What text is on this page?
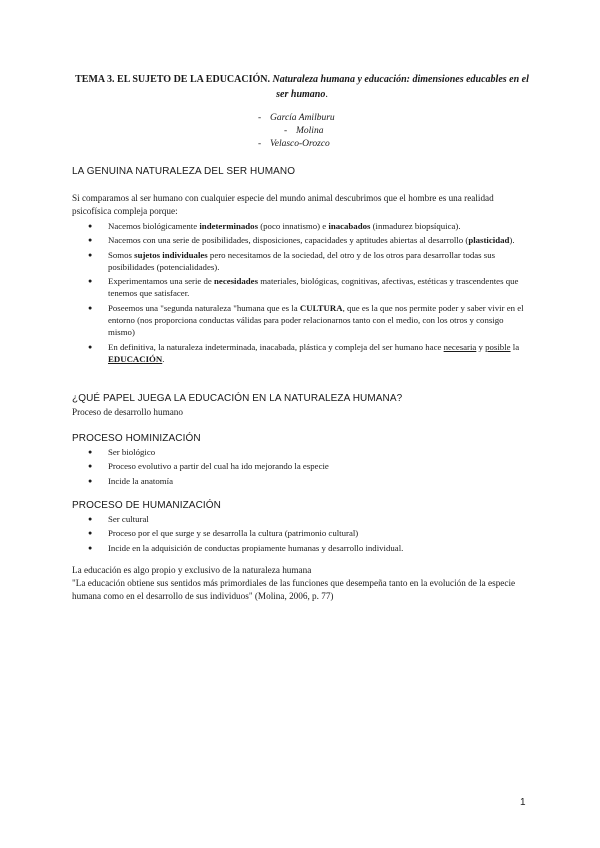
TEMA 3. EL SUJETO DE LA EDUCACIÓN. Naturaleza humana y educación: dimensiones educables en el ser humano.
- García Amilburu
- Molina
- Velasco-Orozco
LA GENUINA NATURALEZA DEL SER HUMANO
Si comparamos al ser humano con cualquier especie del mundo animal descubrimos que el hombre es una realidad psicofísica compleja porque:
● Nacemos biológicamente indeterminados (poco innatismo) e inacabados (inmadurez biopsíquica).
● Nacemos con una serie de posibilidades, disposiciones, capacidades y aptitudes abiertas al desarrollo (plasticidad).
● Somos sujetos individuales pero necesitamos de la sociedad, del otro y de los otros para desarrollar todas sus posibilidades (potencialidades).
● Experimentamos una serie de necesidades materiales, biológicas, cognitivas, afectivas, estéticas y trascendentes que tenemos que satisfacer.
● Poseemos una "segunda naturaleza "humana que es la CULTURA, que es la que nos permite poder y saber vivir en el entorno (nos proporciona conductas válidas para poder relacionarnos tanto con el medio, con los otros y consigo mismo)
● En definitiva, la naturaleza indeterminada, inacabada, plástica y compleja del ser humano hace necesaria y posible la EDUCACIÓN.
¿QUÉ PAPEL JUEGA LA EDUCACIÓN EN LA NATURALEZA HUMANA?
Proceso de desarrollo humano
PROCESO HOMINIZACIÓN
● Ser biológico
● Proceso evolutivo a partir del cual ha ido mejorando la especie
● Incide la anatomía
PROCESO DE HUMANIZACIÓN
● Ser cultural
● Proceso por el que surge y se desarrolla la cultura (patrimonio cultural)
● Incide en la adquisición de conductas propiamente humanas y desarrollo individual.
La educación es algo propio y exclusivo de la naturaleza humana
"La educación obtiene sus sentidos más primordiales de las funciones que desempeña tanto en la evolución de la especie humana como en el desarrollo de sus individuos" (Molina, 2006, p. 77)
1
